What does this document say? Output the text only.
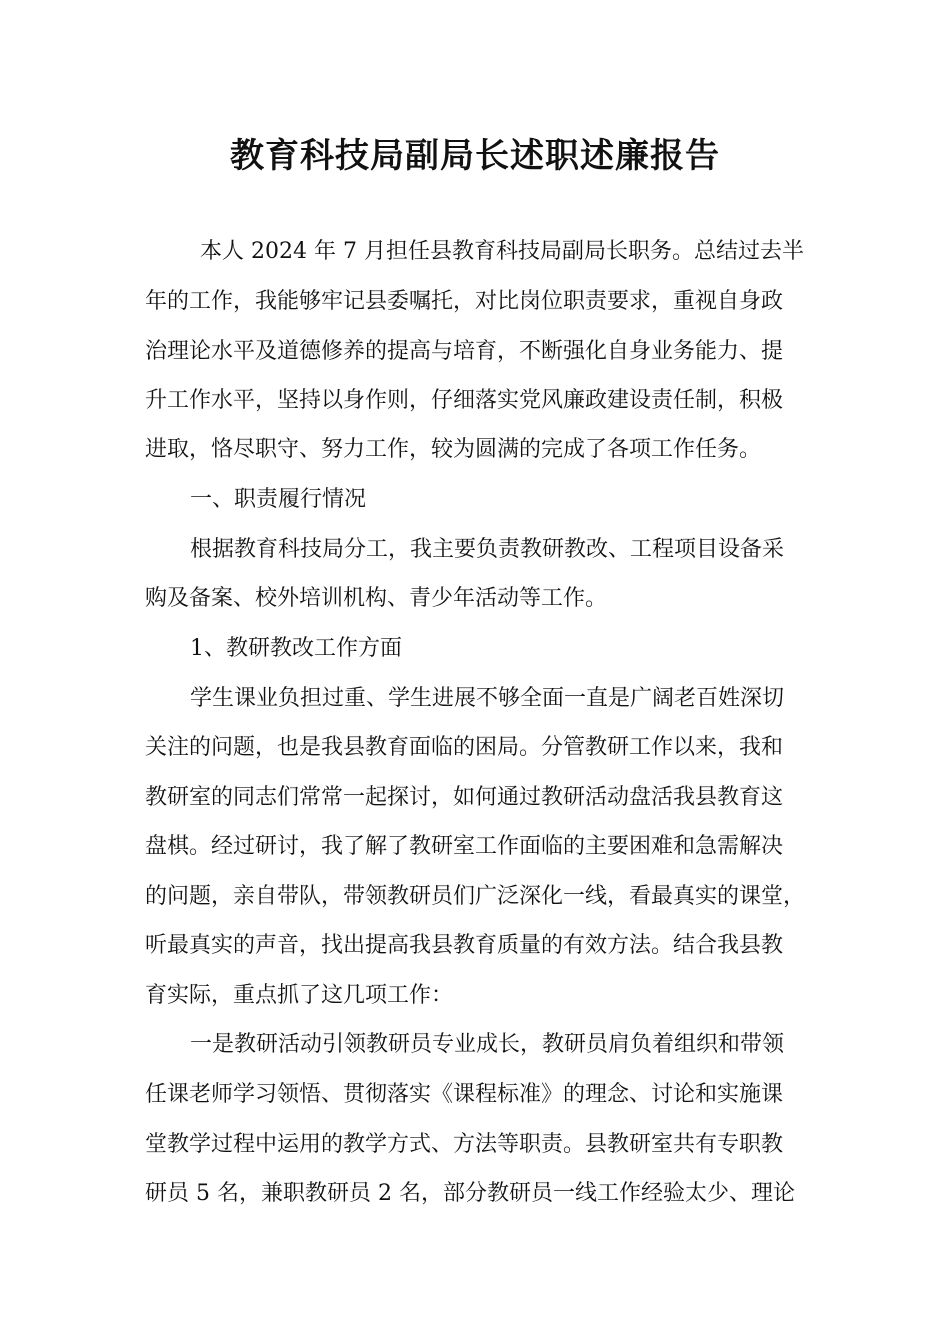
教育科技局副局长述职述廉报告
本人 2024 年 7 月担任县教育科技局副局长职务。总结过去半
年的工作，我能够牢记县委嘱托，对比岗位职责要求，重视自身政
治理论水平及道德修养的提高与培育，不断强化自身业务能力、提
升工作水平，坚持以身作则，仔细落实党风廉政建设责任制，积极
进取，恪尽职守、努力工作，较为圆满的完成了各项工作任务。
一、职责履行情况
根据教育科技局分工，我主要负责教研教改、工程项目设备采
购及备案、校外培训机构、青少年活动等工作。
1、教研教改工作方面
学生课业负担过重、学生进展不够全面一直是广阔老百姓深切
关注的问题，也是我县教育面临的困局。分管教研工作以来，我和
教研室的同志们常常一起探讨，如何通过教研活动盘活我县教育这
盘棋。经过研讨，我了解了教研室工作面临的主要困难和急需解决
的问题，亲自带队，带领教研员们广泛深化一线，看最真实的课堂，
听最真实的声音，找出提高我县教育质量的有效方法。结合我县教
育实际，重点抓了这几项工作：
一是教研活动引领教研员专业成长，教研员肩负着组织和带领
任课老师学习领悟、贯彻落实《课程标准》的理念、讨论和实施课
堂教学过程中运用的教学方式、方法等职责。县教研室共有专职教
研员 5 名，兼职教研员 2 名，部分教研员一线工作经验太少、理论
